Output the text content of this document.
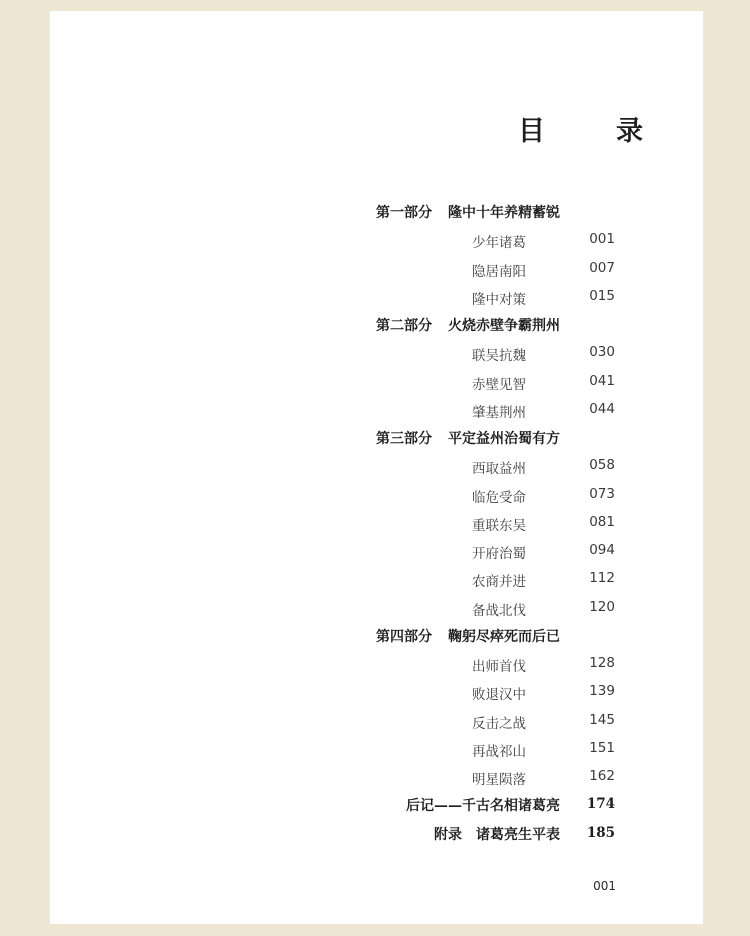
目　录
第一部分 隆中十年养精蓄锐
少年诸葛	001
隐居南阳	007
隆中对策	015
第二部分 火烧赤壁争霸荆州
联吴抗魏	030
赤壁见智	041
肇基荆州	044
第三部分 平定益州治蜀有方
西取益州	058
临危受命	073
重联东吴	081
开府治蜀	094
农商并进	112
备战北伐	120
第四部分 鞠躬尽瘁死而后已
出师首伐	128
败退汉中	139
反击之战	145
再战祁山	151
明星陨落	162
后记——千古名相诸葛亮 174
附录　诸葛亮生平表 185
001
